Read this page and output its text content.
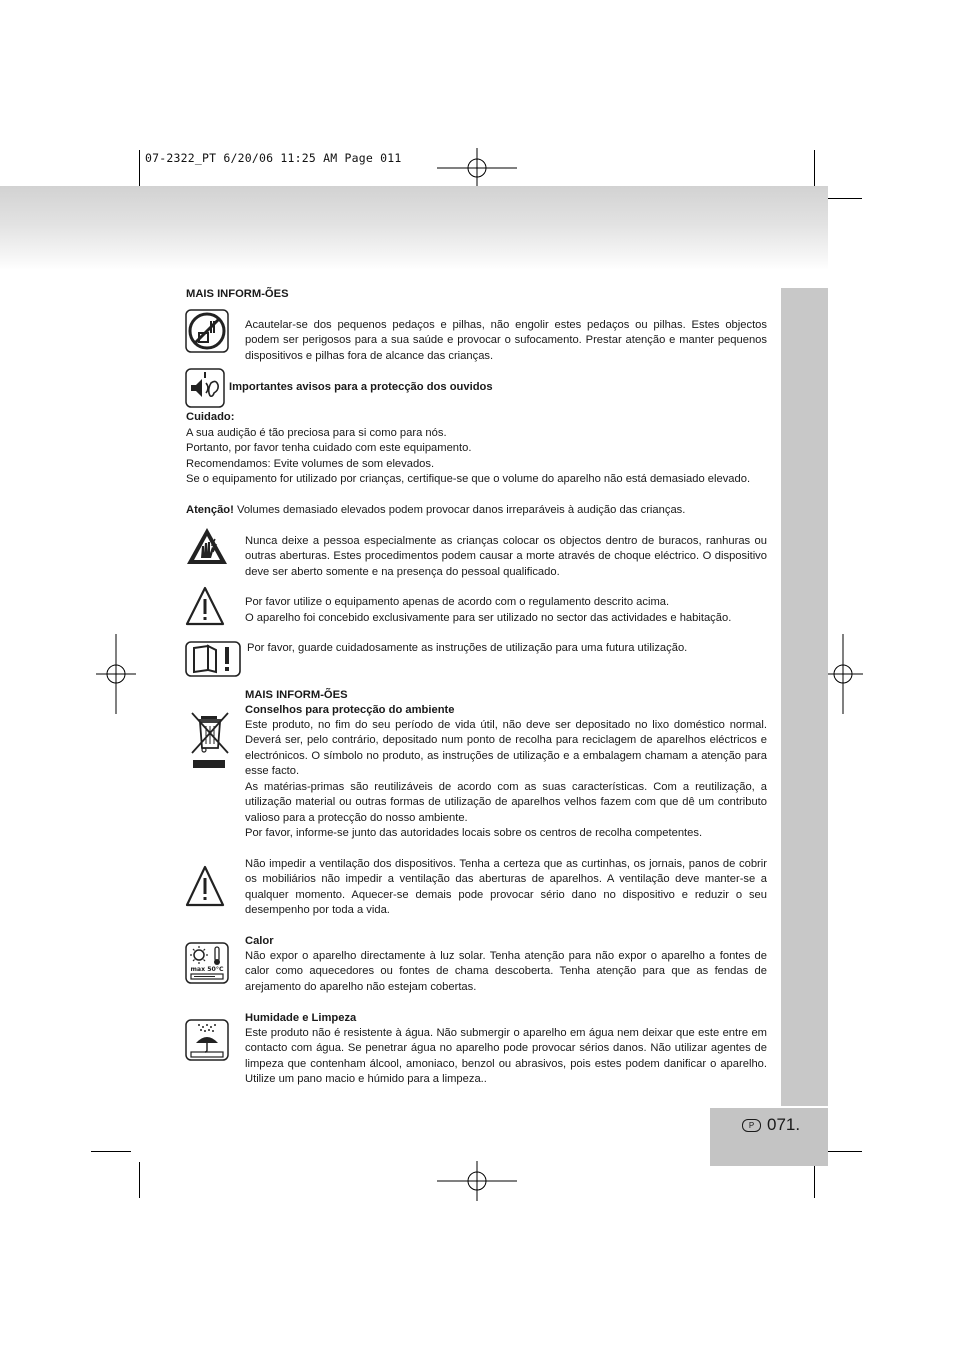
07-2322_PT 6/20/06 11:25 AM Page 011
P 071.
MAIS INFORM-ÕES
Acautelar-se dos pequenos pedaços e pilhas, não engolir estes pedaços ou pilhas. Estes objectos podem ser perigosos para a sua saúde e provocar o sufocamento. Prestar atenção e manter pequenos dispositivos e pilhas fora de alcance das crianças.
Importantes avisos para a protecção dos ouvidos
Cuidado:
A sua audição é tão preciosa para si como para nós.
Portanto, por favor tenha cuidado com este equipamento.
Recomendamos: Evite volumes de som elevados.
Se o equipamento for utilizado por crianças, certifique-se que o volume do aparelho não está demasiado elevado.
Atenção! Volumes demasiado elevados podem provocar danos irreparáveis à audição das crianças.
Nunca deixe a pessoa especialmente as crianças colocar os objectos dentro de buracos, ranhuras ou outras aberturas. Estes procedimentos podem causar a morte através de choque eléctrico. O dispositivo deve ser aberto somente e na presença do pessoal qualificado.
Por favor utilize o equipamento apenas de acordo com o regulamento descrito acima.
O aparelho foi concebido exclusivamente para ser utilizado no sector das actividades e habitação.
Por favor, guarde cuidadosamente as instruções de utilização para uma futura utilização.
MAIS INFORM-ÕES
Conselhos para protecção do ambiente
Este produto, no fim do seu período de vida útil, não deve ser depositado no lixo doméstico normal. Deverá ser, pelo contrário, depositado num ponto de recolha para reciclagem de aparelhos eléctricos e electrónicos. O símbolo no produto, as instruções de utilização e a embalagem chamam a atenção para esse facto.
As matérias-primas são reutilizáveis de acordo com as suas características. Com a reutilização, a utilização material ou outras formas de utilização de aparelhos velhos fazem com que dê um contributo valioso para a protecção do nosso ambiente.
Por favor, informe-se junto das autoridades locais sobre os centros de recolha competentes.
Não impedir a ventilação dos dispositivos. Tenha a certeza que as curtinhas, os jornais, panos de cobrir os mobiliários não impedir a ventilação das aberturas de aparelhos. A ventilação deve manter-se a qualquer momento. Aquecer-se demais pode provocar sério dano no dispositivo e reduzir o seu desempenho por toda a vida.
max 50°C
Calor
Não expor o aparelho directamente à luz solar. Tenha atenção para não expor o aparelho a fontes de calor como aquecedores ou fontes de chama descoberta. Tenha atenção para que as fendas de arejamento do aparelho não estejam cobertas.
Humidade e Limpeza
Este produto não é resistente à água. Não submergir o aparelho em água nem deixar que este entre em contacto com água. Se penetrar água no aparelho pode provocar sérios danos. Não utilizar agentes de limpeza que contenham álcool, amoniaco, benzol ou abrasivos, pois estes podem danificar o aparelho. Utilize um pano macio e húmido para a limpeza..
